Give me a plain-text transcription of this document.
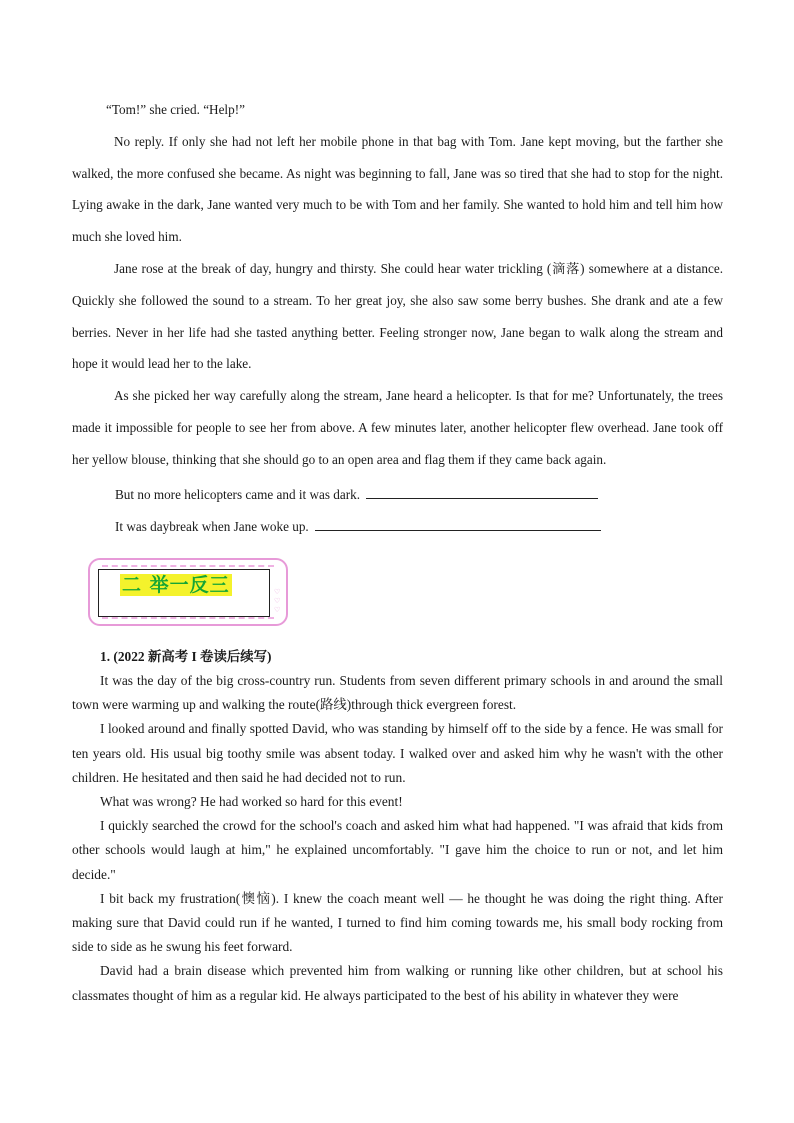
“Tom!” she cried. “Help!”

No reply. If only she had not left her mobile phone in that bag with Tom. Jane kept moving, but the farther she walked, the more confused she became. As night was beginning to fall, Jane was so tired that she had to stop for the night. Lying awake in the dark, Jane wanted very much to be with Tom and her family. She wanted to hold him and tell him how much she loved him.

Jane rose at the break of day, hungry and thirsty. She could hear water trickling (滴落) somewhere at a distance. Quickly she followed the sound to a stream. To her great joy, she also saw some berry bushes. She drank and ate a few berries. Never in her life had she tasted anything better. Feeling stronger now, Jane began to walk along the stream and hope it would lead her to the lake.

As she picked her way carefully along the stream, Jane heard a helicopter. Is that for me? Unfortunately, the trees made it impossible for people to see her from above. A few minutes later, another helicopter flew overhead. Jane took off her yellow blouse, thinking that she should go to an open area and flag them if they came back again.

But no more helicopters came and it was dark.
It was daybreak when Jane woke up.
二 举一反三	♡
♡
♡
1. (2022 新高考 I 卷读后续写)

It was the day of the big cross-country run. Students from seven different primary schools in and around the small town were warming up and walking the route(路线)through thick evergreen forest.

I looked around and finally spotted David, who was standing by himself off to the side by a fence. He was small for ten years old. His usual big toothy smile was absent today. I walked over and asked him why he wasn't with the other children. He hesitated and then said he had decided not to run.

What was wrong? He had worked so hard for this event!

I quickly searched the crowd for the school's coach and asked him what had happened. "I was afraid that kids from other schools would laugh at him," he explained uncomfortably. "I gave him the choice to run or not, and let him decide."

I bit back my frustration(懊恼). I knew the coach meant well — he thought he was doing the right thing. After making sure that David could run if he wanted, I turned to find him coming towards me, his small body rocking from side to side as he swung his feet forward.

David had a brain disease which prevented him from walking or running like other children, but at school his classmates thought of him as a regular kid. He always participated to the best of his ability in whatever they were
